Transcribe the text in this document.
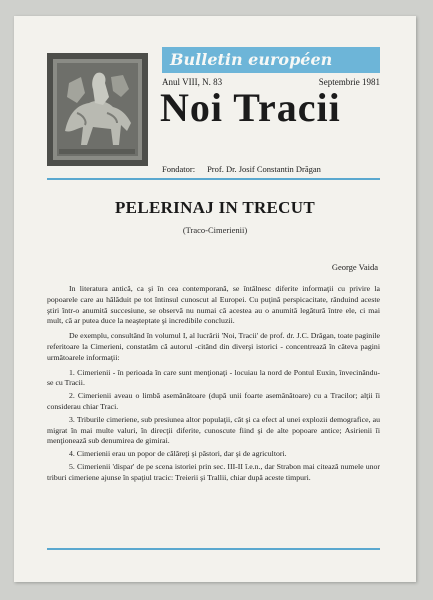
Bulletin européen
Anul VIII, N. 83	Septembrie 1981
Noi Tracii
Fondator: Prof. Dr. Josif Constantin Drăgan
PELERINAJ IN TRECUT
(Traco-Cimerienii)
George Vaida

In literatura antică, ca şi în cea contemporană, se întâlnesc diferite informaţii cu privire la popoarele care au hălăduit pe tot întinsul cunoscut al Europei. Cu puţină perspicacitate, rânduind aceste ştiri într-o anumită succesiune, se observă nu numai că acestea au o anumită legătură între ele, ci mai mult, că ar putea duce la neaşteptate şi incredibile concluzii.

De exemplu, consultând în volumul I, al lucrării 'Noi, Tracii' de prof. dr. J.C. Drăgan, toate paginile referitoare la Cimerieni, constatăm că autorul -citând din diverşi istorici - concentrează în câteva pagini următoarele informaţii:

1. Cimerienii - în perioada în care sunt menţionaţi - locuiau la nord de Pontul Euxin, învecinându-se cu Tracii.

2. Cimerienii aveau o limbă asemănătoare (după unii foarte asemănătoare) cu a Tracilor; alţii îi considerau chiar Traci.

3. Triburile cimeriene, sub presiunea altor populaţii, cât şi ca efect al unei explozii demografice, au migrat în mai multe valuri, în direcţii diferite, cunoscute fiind şi de alte popoare antice; Asirienii îi menţionează sub denumirea de gimirai.

4. Cimerienii erau un popor de călăreţi şi păstori, dar şi de agricultori.

5. Cimerienii 'dispar' de pe scena istoriei prin sec. III-II î.e.n., dar Strabon mai citează numele unor triburi cimeriene ajunse în spaţiul tracic: Treierii şi Trallii, chiar după aceste timpuri.
